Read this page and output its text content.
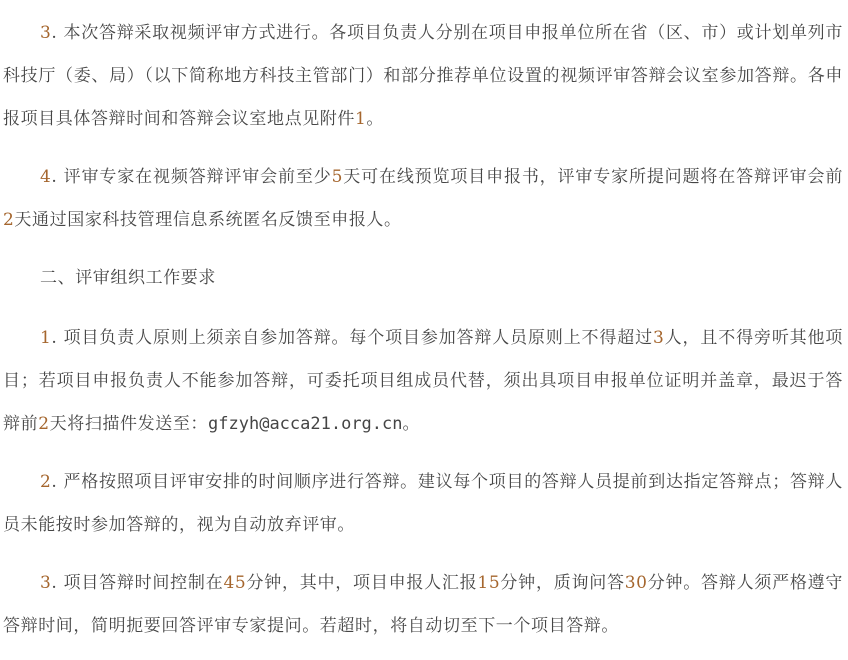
3. 本次答辩采取视频评审方式进行。各项目负责人分别在项目申报单位所在省（区、市）或计划单列市科技厅（委、局）（以下简称地方科技主管部门）和部分推荐单位设置的视频评审答辩会议室参加答辩。各申报项目具体答辩时间和答辩会议室地点见附件1。

4. 评审专家在视频答辩评审会前至少5天可在线预览项目申报书，评审专家所提问题将在答辩评审会前2天通过国家科技管理信息系统匿名反馈至申报人。

二、评审组织工作要求

1. 项目负责人原则上须亲自参加答辩。每个项目参加答辩人员原则上不得超过3人，且不得旁听其他项目；若项目申报负责人不能参加答辩，可委托项目组成员代替，须出具项目申报单位证明并盖章，最迟于答辩前2天将扫描件发送至：gfzyh@acca21.org.cn。

2. 严格按照项目评审安排的时间顺序进行答辩。建议每个项目的答辩人员提前到达指定答辩点；答辩人员未能按时参加答辩的，视为自动放弃评审。

3. 项目答辩时间控制在45分钟，其中，项目申报人汇报15分钟，质询问答30分钟。答辩人须严格遵守答辩时间，简明扼要回答评审专家提问。若超时，将自动切至下一个项目答辩。
